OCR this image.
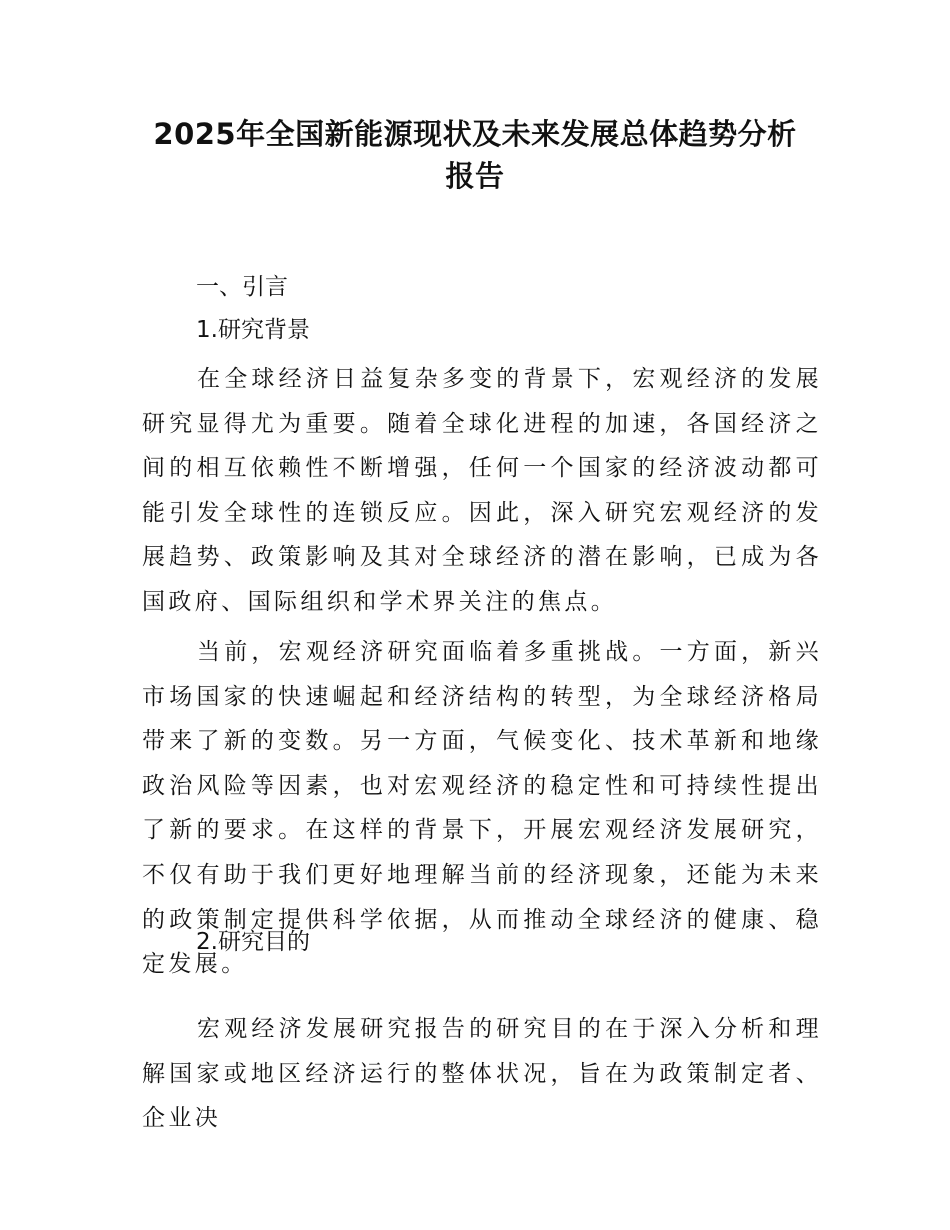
2025年全国新能源现状及未来发展总体趋势分析
报告
一、引言
1.研究背景

在全球经济日益复杂多变的背景下，宏观经济的发展研究显得尤为重要。随着全球化进程的加速，各国经济之间的相互依赖性不断增强，任何一个国家的经济波动都可能引发全球性的连锁反应。因此，深入研究宏观经济的发展趋势、政策影响及其对全球经济的潜在影响，已成为各国政府、国际组织和学术界关注的焦点。

当前，宏观经济研究面临着多重挑战。一方面，新兴市场国家的快速崛起和经济结构的转型，为全球经济格局带来了新的变数。另一方面，气候变化、技术革新和地缘政治风险等因素，也对宏观经济的稳定性和可持续性提出了新的要求。在这样的背景下，开展宏观经济发展研究，不仅有助于我们更好地理解当前的经济现象，还能为未来的政策制定提供科学依据，从而推动全球经济的健康、稳定发展。

2.研究目的

宏观经济发展研究报告的研究目的在于深入分析和理解国家或地区经济运行的整体状况，旨在为政策制定者、企业决
